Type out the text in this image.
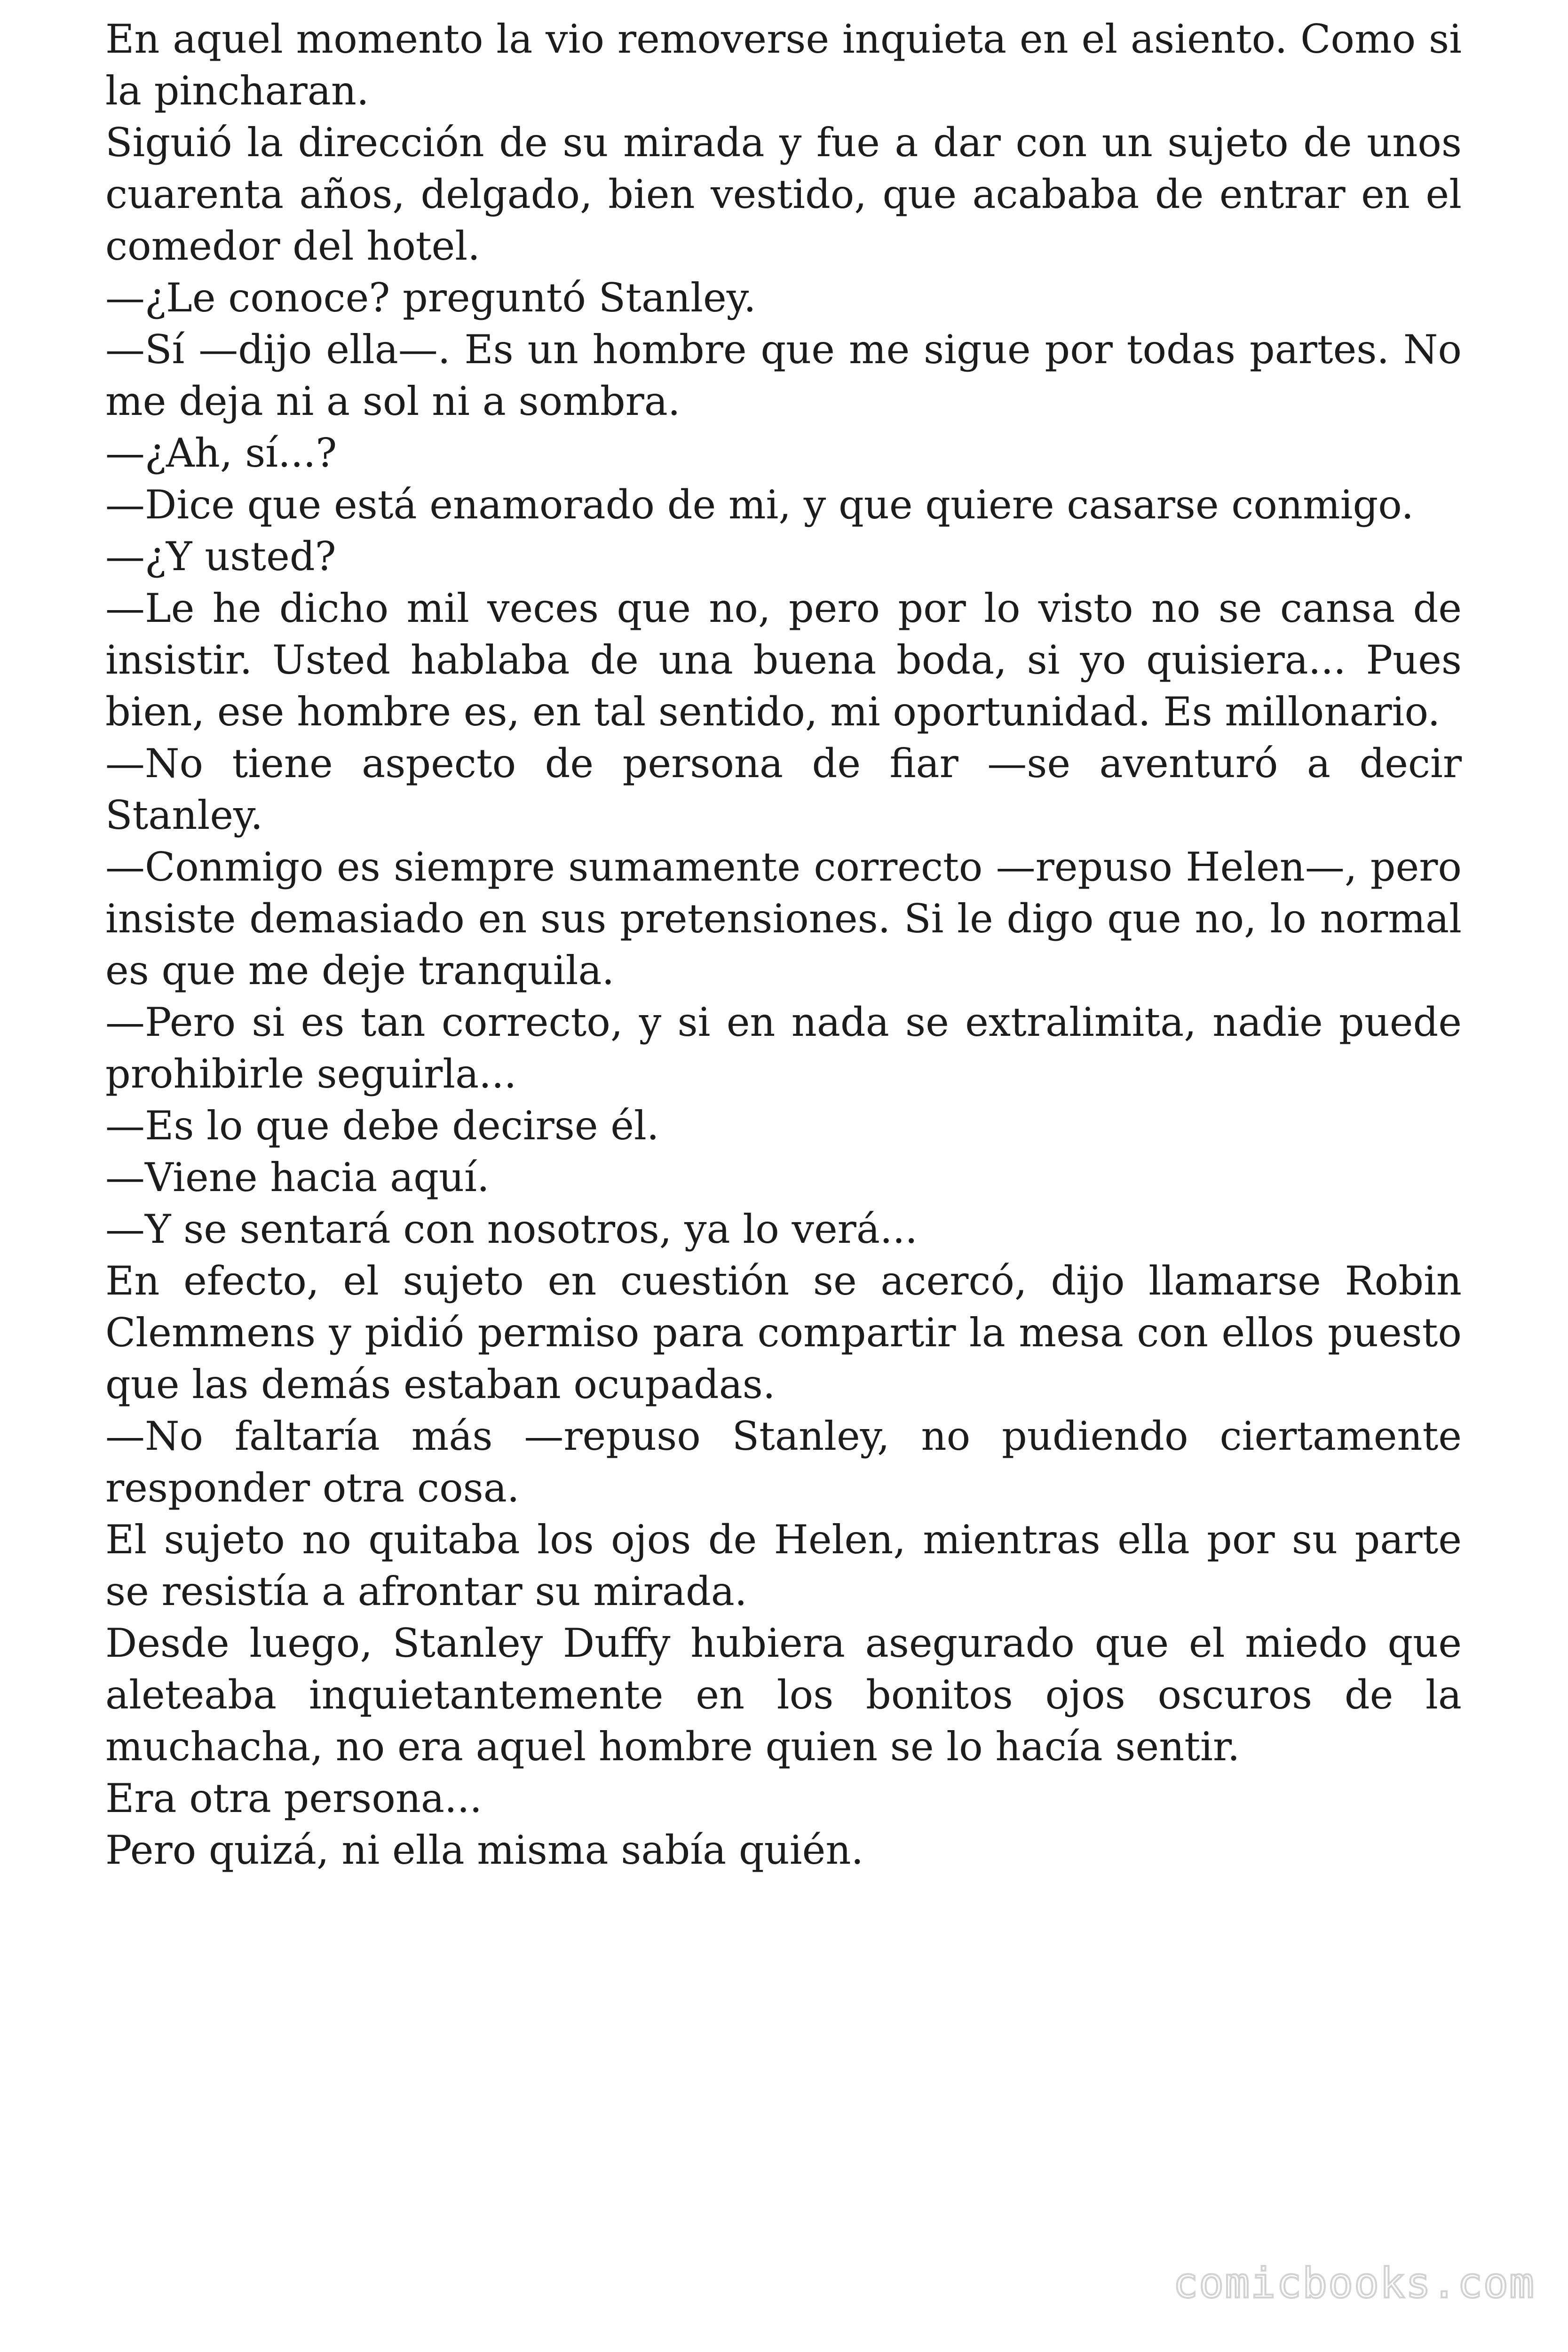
En aquel momento la vio removerse inquieta en el asiento. Como si la pincharan.

Siguió la dirección de su mirada y fue a dar con un sujeto de unos cuarenta años, delgado, bien vestido, que acababa de entrar en el comedor del hotel.

—¿Le conoce? preguntó Stanley.

—Sí —dijo ella—. Es un hombre que me sigue por todas partes. No me deja ni a sol ni a sombra.

—¿Ah, sí...?

—Dice que está enamorado de mi, y que quiere casarse conmigo.

—¿Y usted?

—Le he dicho mil veces que no, pero por lo visto no se cansa de insistir. Usted hablaba de una buena boda, si yo quisiera... Pues bien, ese hombre es, en tal sentido, mi oportunidad. Es millonario.

—No tiene aspecto de persona de fiar —se aventuró a decir Stanley.

—Conmigo es siempre sumamente correcto —repuso Helen—, pero insiste demasiado en sus pretensiones. Si le digo que no, lo normal es que me deje tranquila.

—Pero si es tan correcto, y si en nada se extralimita, nadie puede prohibirle seguirla...

—Es lo que debe decirse él.

—Viene hacia aquí.

—Y se sentará con nosotros, ya lo verá...

En efecto, el sujeto en cuestión se acercó, dijo llamarse Robin Clemmens y pidió permiso para compartir la mesa con ellos puesto que las demás estaban ocupadas.

—No faltaría más —repuso Stanley, no pudiendo ciertamente responder otra cosa.

El sujeto no quitaba los ojos de Helen, mientras ella por su parte se resistía a afrontar su mirada.

Desde luego, Stanley Duffy hubiera asegurado que el miedo que aleteaba inquietantemente en los bonitos ojos oscuros de la muchacha, no era aquel hombre quien se lo hacía sentir.

Era otra persona...

Pero quizá, ni ella misma sabía quién.

comicbooks.com
